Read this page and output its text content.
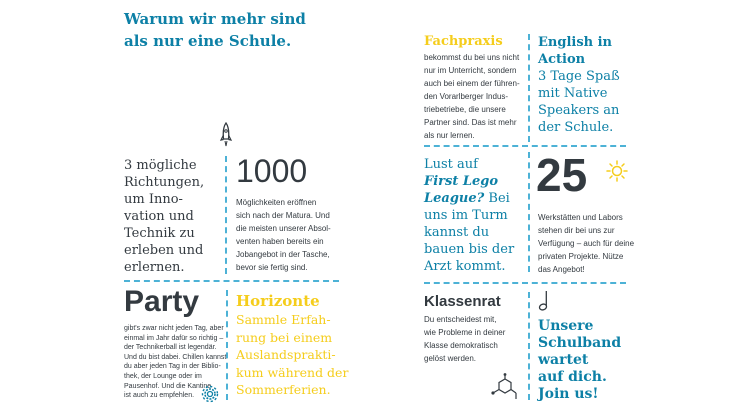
Warum wir mehr sind
als nur eine Schule.
3 mögliche
Richtungen,
um Inno-
vation und
Technik zu
erleben und
erlernen.
1000
Möglichkeiten eröffnen
sich nach der Matura. Und
die meisten unserer Absol-
venten haben bereits ein
Jobangebot in der Tasche,
bevor sie fertig sind.
Party
gibt's zwar nicht jeden Tag, aber
einmal im Jahr dafür so richtig –
der Technikerball ist legendär.
Und du bist dabei. Chillen kannst
du aber jeden Tag in der Biblio-
thek, der Lounge oder im
Pausenhof. Und die Kantine
ist auch zu empfehlen.
Horizonte
Sammle Erfah-
rung bei einem
Auslandsprakti-
kum während der
Sommerferien.
Fachpraxis
bekommst du bei uns nicht
nur im Unterricht, sondern
auch bei einem der führen-
den Vorarlberger Indus-
triebetriebe, die unsere
Partner sind. Das ist mehr
als nur lernen.
English in
Action
3 Tage Spaß
mit Native
Speakers an
der Schule.
Lust auf
First Lego
League? Bei
uns im Turm
kannst du
bauen bis der
Arzt kommt.
25
Werkstätten und Labors
stehen dir bei uns zur
Verfügung – auch für deine
privaten Projekte. Nütze
das Angebot!
Klassenrat
Du entscheidest mit,
wie Probleme in deiner
Klasse demokratisch
gelöst werden.
Unsere
Schulband
wartet
auf dich.
Join us!
